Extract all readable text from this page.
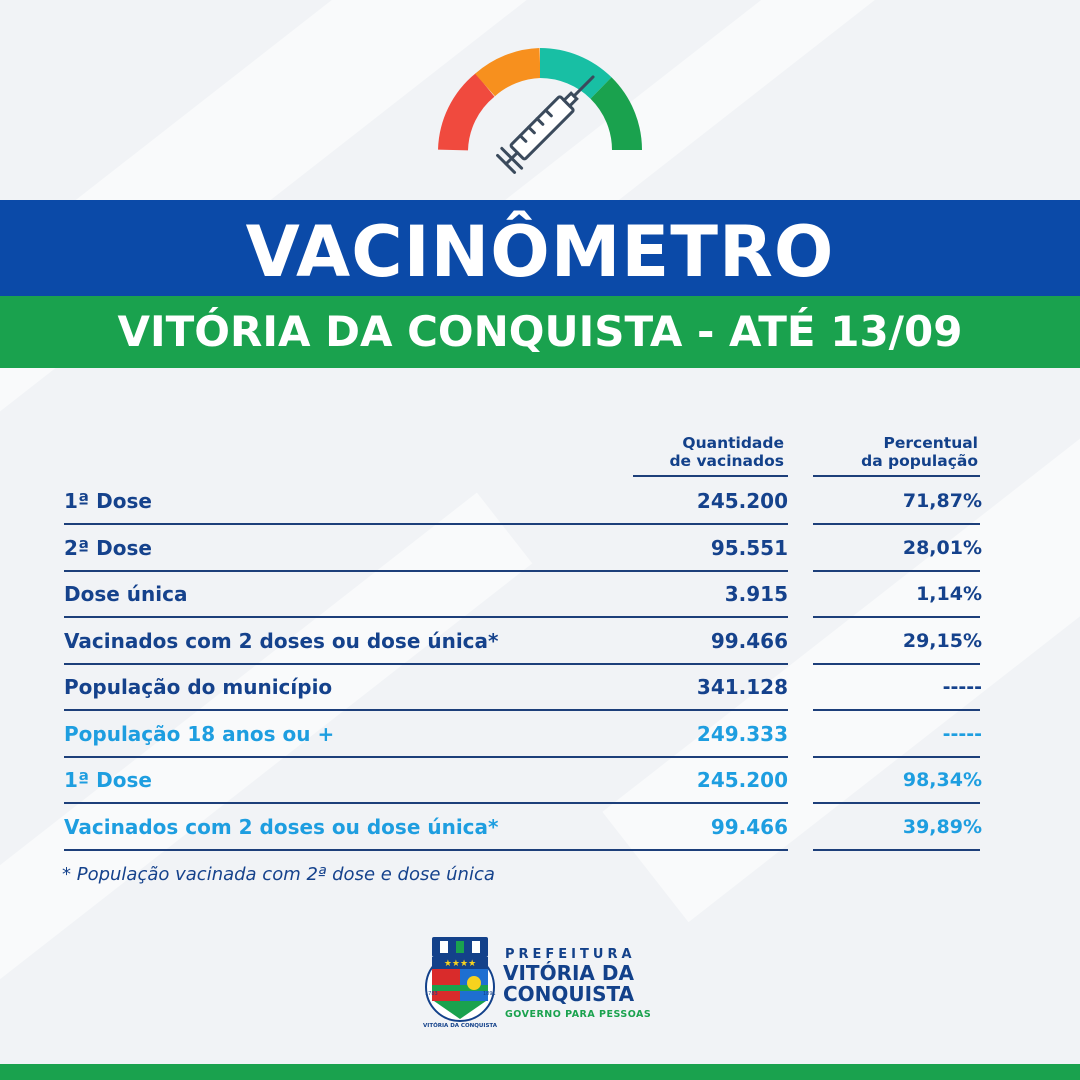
VACINÔMETRO
VITÓRIA DA CONQUISTA - ATÉ 13/09
Quantidade
de vacinados
Percentual
da população
1ª Dose	245.200	71,87%
2ª Dose	95.551	28,01%
Dose única	3.915	1,14%
Vacinados com 2 doses ou dose única*	99.466	29,15%
População do município	341.128	-----
População 18 anos ou +	249.333	-----
1ª Dose	245.200	98,34%
Vacinados com 2 doses ou dose única*	99.466	39,89%
* População vacinada com 2ª dose e dose única
★★★★
VITÓRIA DA CONQUISTA
1783	1891
PREFEITURA
VITÓRIA DA
CONQUISTA
GOVERNO PARA PESSOAS
